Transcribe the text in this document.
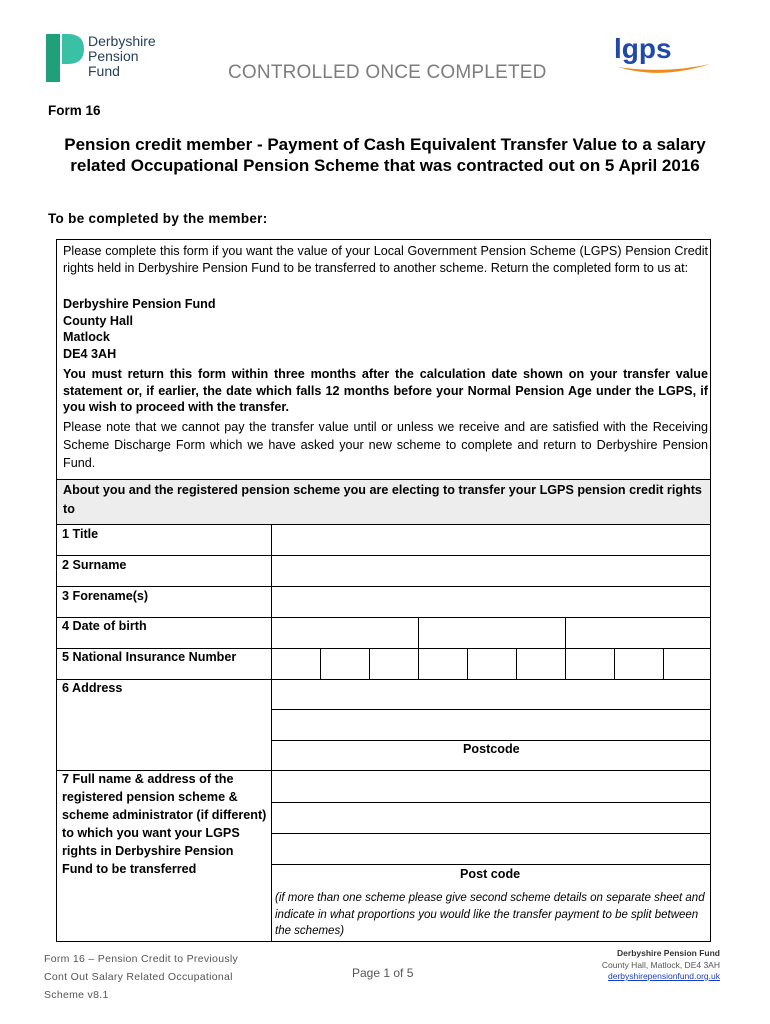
Derbyshire
Pension
Fund
lgps
CONTROLLED ONCE COMPLETED
Form 16
Pension credit member - Payment of Cash Equivalent Transfer Value to a salary related Occupational Pension Scheme that was contracted out on 5 April 2016
To be completed by the member:
Please complete this form if you want the value of your Local Government Pension Scheme (LGPS) Pension Credit rights held in Derbyshire Pension Fund to be transferred to another scheme. Return the completed form to us at:
Derbyshire Pension Fund
County Hall
Matlock
DE4 3AH
You must return this form within three months after the calculation date shown on your transfer value statement or, if earlier, the date which falls 12 months before your Normal Pension Age under the LGPS, if you wish to proceed with the transfer.
Please note that we cannot pay the transfer value until or unless we receive and are satisfied with the Receiving Scheme Discharge Form which we have asked your new scheme to complete and return to Derbyshire Pension Fund.
About you and the registered pension scheme you are electing to transfer your LGPS pension credit rights to
1 Title
2 Surname
3 Forename(s)
4 Date of birth
5 National Insurance Number
6 Address
Postcode
7 Full name & address of the registered pension scheme & scheme administrator (if different) to which you want your LGPS rights in Derbyshire Pension Fund to be transferred	Post code
(if more than one scheme please give second scheme details on separate sheet and indicate in what proportions you would like the transfer payment to be split between the schemes)
Form 16 – Pension Credit to Previously
Cont Out Salary Related Occupational
Scheme v8.1
Page 1 of 5
Derbyshire Pension Fund
County Hall, Matlock, DE4 3AH
derbyshirepensionfund.org.uk
